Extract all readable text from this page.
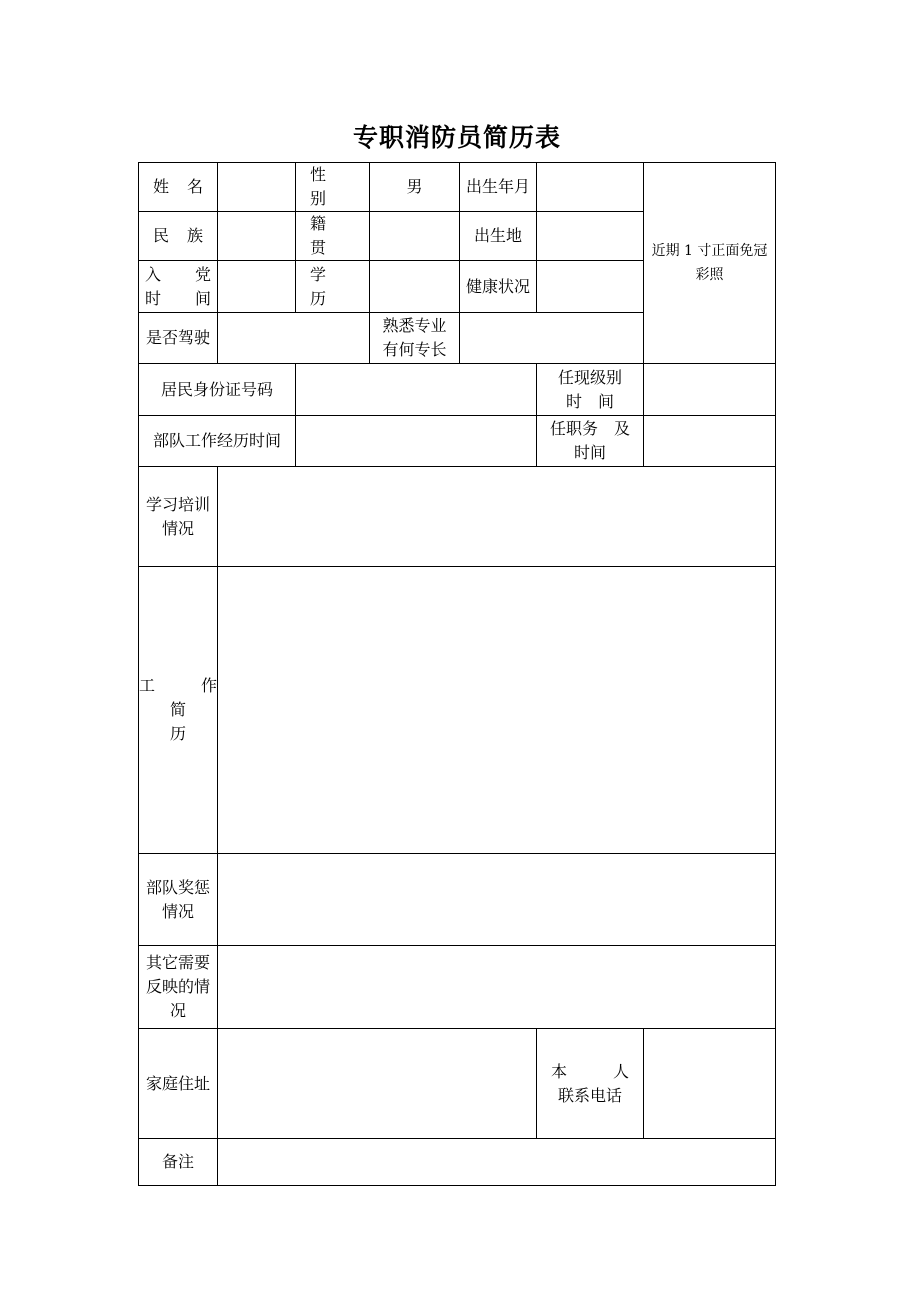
专职消防员简历表
姓　名		性　别	男	出生年月		近期 1 寸正面免冠
彩照

民　族		籍　贯		出生地		

入　党
时　间		学　历		健康状况		
是否驾驶			熟悉专业
有何专长			

居民身份证号码					任现级别
时　间	

部队工作经历时间					任职务　及
时间	

学习培训
情况						

工　作
简
历						

部队奖惩
情况						

其它需要
反映的情
况						

家庭住址					本　人
联系电话	

备注						
